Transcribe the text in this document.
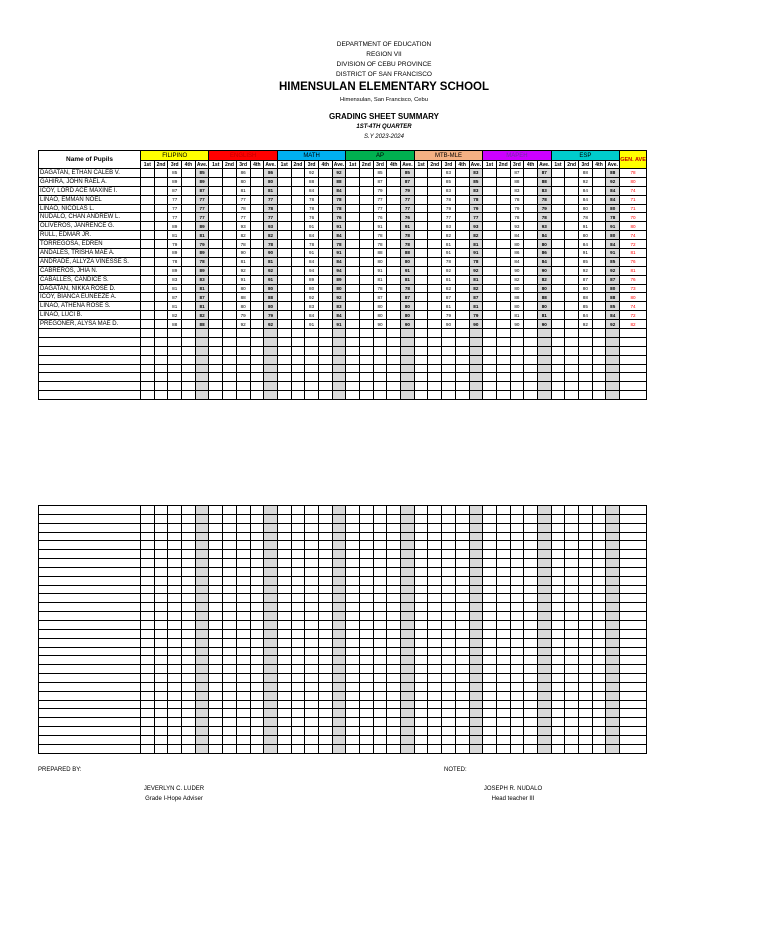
DEPARTMENT OF EDUCATION
REGION VII
DIVISION OF CEBU PROVINCE
DISTRICT OF SAN FRANCISCO
HIMENSULAN ELEMENTARY SCHOOL
Himensulan, San Francisco, Cebu
GRADING SHEET SUMMARY
1ST-4TH QUARTER
S.Y 2023-2024
Name of Pupils	FILIPINO					ENGLISH					MATH					AP					MTB-MLE					MAPEH					ESP					GEN. AVE
	1st	2nd	3rd	4th	Ave.	1st	2nd	3rd	4th	Ave.	1st	2nd	3rd	4th	Ave.	1st	2nd	3rd	4th	Ave.	1st	2nd	3rd	4th	Ave.	1st	2nd	3rd	4th	Ave.	1st	2nd	3rd	4th	Ave.	
DAGATAN, ETHAN CALEB V.			85		85			86		86			92		92			85		85			83		83			87		87			88		88	78
GAHIRA, JOHN RAEL A.			89		89			80		80			88		88			87		87			85		85			88		88			92		92	80
ICOY, LORD ACE MAXINE I.			87		87			81		81			84		84			79		79			83		83			83		83			84		84	74
LINAO, EMMAN NOEL			77		77			77		77			78		78			77		77			78		78			78		78			84		84	71
LINAO, NICOLAS L.			77		77			78		78			78		78			77		77			79		79			79		79			80		80	71
NUDALO, CHAN ANDREW L.			77		77			77		77			76		76			76		76			77		77			78		78			78		78	70
OLIVEROS, JANRENCE G.			89		89			93		93			91		91			91		91			93		93			93		93			91		91	80
RULL, EDMAR JR.			81		81			82		82			84		84			78		78			82		82			84		84			80		80	74
TORREGOSA, EDREN			79		79			78		78			78		78			78		78			81		81			80		80			84		84	72
ANDALES, TRISHA MAE A.			89		89			90		90			91		91			88		88			91		91			86		86			91		91	81
ANDRADE, ALLYZA VINESSE S.			78		78			81		81			84		84			80		80			78		78			84		84			85		85	76
CABREROS, JHIA N.			89		89			92		92			94		94			91		91			92		92			90		90			92		92	81
CABALLES, CANDICE S.			83		83			91		91			89		89			81		81			81		81			82		82			87		87	76
DAGATAN, NIKKA ROSE D.			81		81			80		80			80		80			78		78			82		82			80		80			80		80	73
ICOY, BIANCA EUNEEZE A.			87		87			88		88			92		92			87		87			87		87			88		88			88		88	80
LINAO, ATHENA ROSE S.			81		81			80		80			83		83			80		80			81		81			80		80			85		85	74
LINAO, LUCI B.			82		82			79		79			84		84			80		80			79		79			81		81			84		84	72
PREGONER, ALYSA MAE D.			88		88			92		92			91		91			90		90			90		90			90		90			92		92	82

PREPARED BY:	NOTED:
JEVERLYN C. LUDER
Grade I-Hope Adviser
JOSEPH R. NUDALO
Head teacher III
